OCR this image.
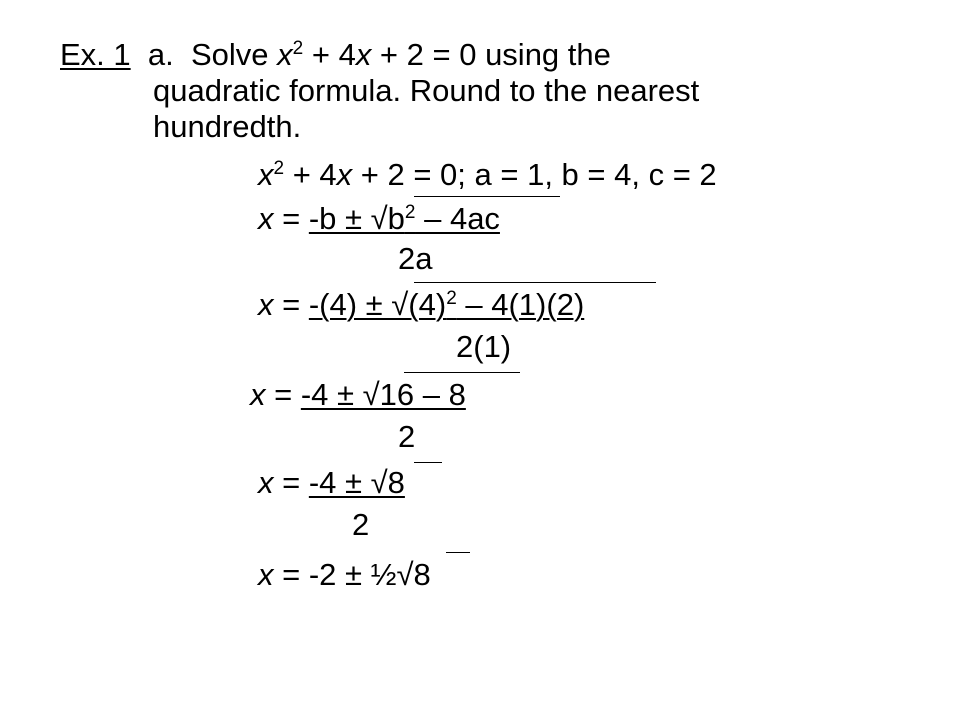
Ex. 1 a. Solve $x^2 + 4x + 2 = 0$ using the
quadratic formula. Round to the nearest
hundredth.
$x^2 + 4x + 2 = 0$; a = 1, b = 4, c = 2
$x = -b \pm √b^2 - 4ac$
2a
$x = -(4) \pm √(4)^2 - 4(1)(2)$
2(1)
x = -4 ± √16 – 8
2
x = -4 ± √8
2
x = -2 ± ½√8
